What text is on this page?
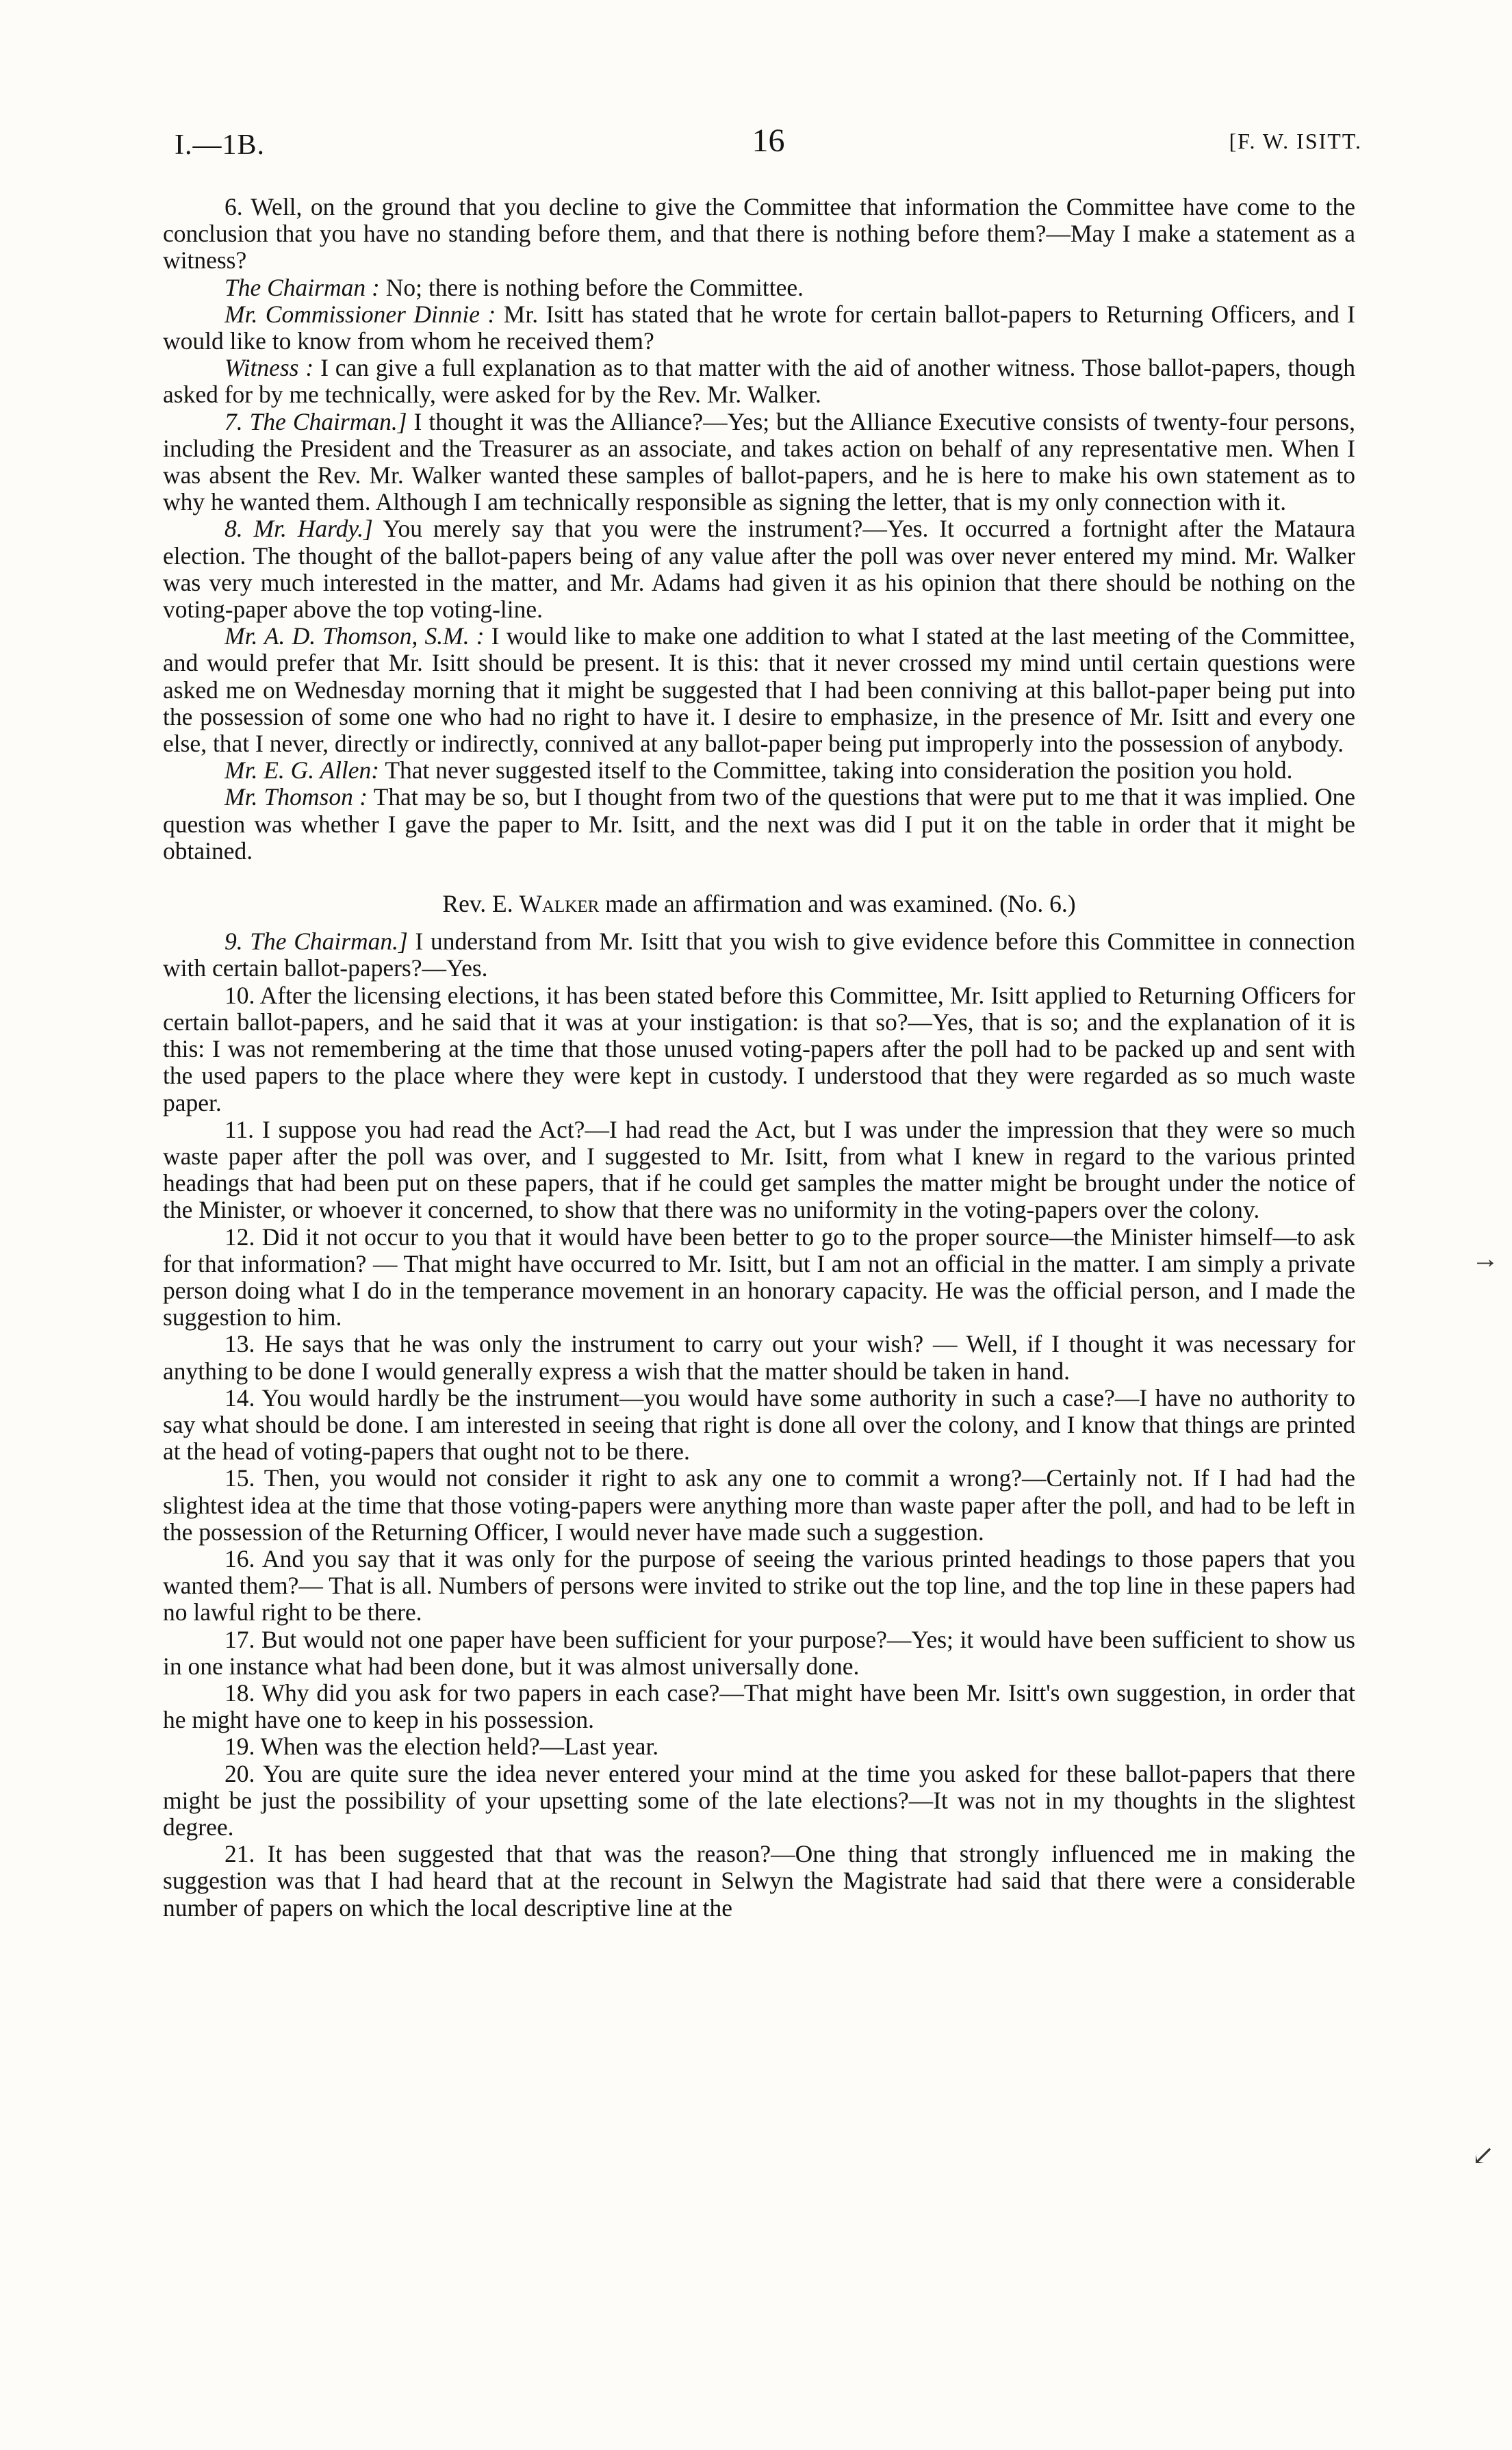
I.—1B.	16	[F. W. ISITT.

6. Well, on the ground that you decline to give the Committee that information the Committee have come to the conclusion that you have no standing before them, and that there is nothing before them?—May I make a statement as a witness?

The Chairman : No; there is nothing before the Committee.

Mr. Commissioner Dinnie : Mr. Isitt has stated that he wrote for certain ballot-papers to Returning Officers, and I would like to know from whom he received them?

Witness : I can give a full explanation as to that matter with the aid of another witness. Those ballot-papers, though asked for by me technically, were asked for by the Rev. Mr. Walker.

7. The Chairman.] I thought it was the Alliance?—Yes; but the Alliance Executive consists of twenty-four persons, including the President and the Treasurer as an associate, and takes action on behalf of any representative men. When I was absent the Rev. Mr. Walker wanted these samples of ballot-papers, and he is here to make his own statement as to why he wanted them. Although I am technically responsible as signing the letter, that is my only connection with it.

8. Mr. Hardy.] You merely say that you were the instrument?—Yes. It occurred a fortnight after the Mataura election. The thought of the ballot-papers being of any value after the poll was over never entered my mind. Mr. Walker was very much interested in the matter, and Mr. Adams had given it as his opinion that there should be nothing on the voting-paper above the top voting-line.

Mr. A. D. Thomson, S.M. : I would like to make one addition to what I stated at the last meeting of the Committee, and would prefer that Mr. Isitt should be present. It is this: that it never crossed my mind until certain questions were asked me on Wednesday morning that it might be suggested that I had been conniving at this ballot-paper being put into the possession of some one who had no right to have it. I desire to emphasize, in the presence of Mr. Isitt and every one else, that I never, directly or indirectly, connived at any ballot-paper being put improperly into the possession of anybody.

Mr. E. G. Allen: That never suggested itself to the Committee, taking into consideration the position you hold.

Mr. Thomson : That may be so, but I thought from two of the questions that were put to me that it was implied. One question was whether I gave the paper to Mr. Isitt, and the next was did I put it on the table in order that it might be obtained.

Rev. E. Walker made an affirmation and was examined. (No. 6.)

9. The Chairman.] I understand from Mr. Isitt that you wish to give evidence before this Committee in connection with certain ballot-papers?—Yes.

10. After the licensing elections, it has been stated before this Committee, Mr. Isitt applied to Returning Officers for certain ballot-papers, and he said that it was at your instigation: is that so?—Yes, that is so; and the explanation of it is this: I was not remembering at the time that those unused voting-papers after the poll had to be packed up and sent with the used papers to the place where they were kept in custody. I understood that they were regarded as so much waste paper.

11. I suppose you had read the Act?—I had read the Act, but I was under the impression that they were so much waste paper after the poll was over, and I suggested to Mr. Isitt, from what I knew in regard to the various printed headings that had been put on these papers, that if he could get samples the matter might be brought under the notice of the Minister, or whoever it concerned, to show that there was no uniformity in the voting-papers over the colony.

12. Did it not occur to you that it would have been better to go to the proper source—the Minister himself—to ask for that information? — That might have occurred to Mr. Isitt, but I am not an official in the matter. I am simply a private person doing what I do in the temperance movement in an honorary capacity. He was the official person, and I made the suggestion to him.

13. He says that he was only the instrument to carry out your wish? — Well, if I thought it was necessary for anything to be done I would generally express a wish that the matter should be taken in hand.

14. You would hardly be the instrument—you would have some authority in such a case?—I have no authority to say what should be done. I am interested in seeing that right is done all over the colony, and I know that things are printed at the head of voting-papers that ought not to be there.

15. Then, you would not consider it right to ask any one to commit a wrong?—Certainly not. If I had had the slightest idea at the time that those voting-papers were anything more than waste paper after the poll, and had to be left in the possession of the Returning Officer, I would never have made such a suggestion.

16. And you say that it was only for the purpose of seeing the various printed headings to those papers that you wanted them?— That is all. Numbers of persons were invited to strike out the top line, and the top line in these papers had no lawful right to be there.

17. But would not one paper have been sufficient for your purpose?—Yes; it would have been sufficient to show us in one instance what had been done, but it was almost universally done.

18. Why did you ask for two papers in each case?—That might have been Mr. Isitt's own suggestion, in order that he might have one to keep in his possession.

19. When was the election held?—Last year.

20. You are quite sure the idea never entered your mind at the time you asked for these ballot-papers that there might be just the possibility of your upsetting some of the late elections?—It was not in my thoughts in the slightest degree.

21. It has been suggested that that was the reason?—One thing that strongly influenced me in making the suggestion was that I had heard that at the recount in Selwyn the Magistrate had said that there were a considerable number of papers on which the local descriptive line at the

→
↙
